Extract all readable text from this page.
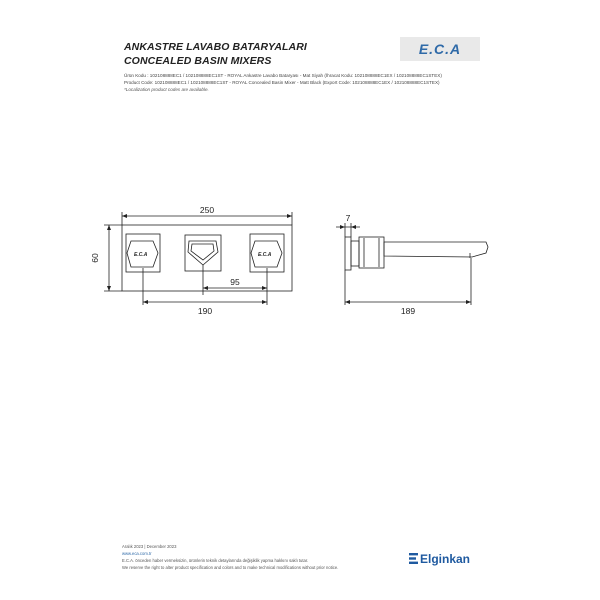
ANKASTRE LAVABO BATARYALARI
CONCEALED BASIN MIXERS
E.C.A
Ürün Kodu : 102108888EC1 / 102108888EC1ST - ROYAL Ankastre Lavabo Bataryası - Mat Siyah (İhracat Kodu: 102108888EC1EX / 102108888EC1STEX)
Product Code: 102108888EC1 / 102108888EC1ST - ROYAL Concealed Basin Mixer - Matt Black (Export Code: 102108888EC1EX / 102108888EC1STEX)
*Localization product codes are available.
E.C.A	E.C.A
250
60
95
190
7
189
Aralık 2023 | December 2023
www.eca.com.tr
E.C.A. önceden haber vermeksizin, ürünlerin teknik detaylarında değişiklik yapma hakkını saklı tutar.
We reserve the right to alter product specification and colors and to make technical modifications without prior notice.
Elginkan
